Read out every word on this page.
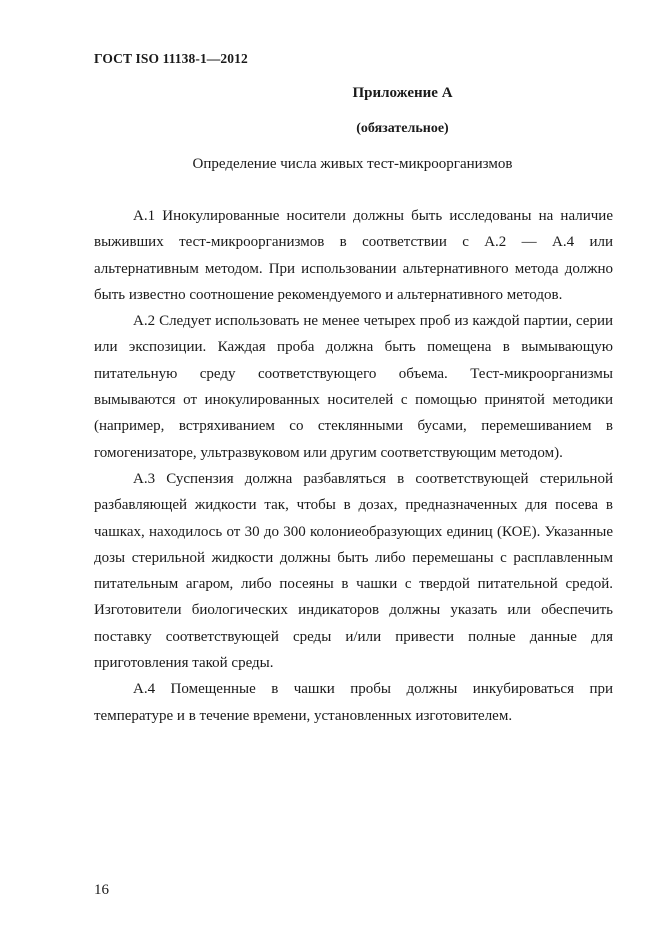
ГОСТ ISO 11138-1—2012
Приложение А
(обязательное)
Определение числа живых тест-микроорганизмов

А.1 Инокулированные носители должны быть исследованы на наличие выживших тест-микроорганизмов в соответствии с А.2 — А.4 или альтернативным методом. При использовании альтернативного метода должно быть известно соотношение рекомендуемого и альтернативного методов.

А.2 Следует использовать не менее четырех проб из каждой партии, серии или экспозиции. Каждая проба должна быть помещена в вымывающую питательную среду соответствующего объема. Тест-микроорганизмы вымываются от инокулированных носителей с помощью принятой методики (например, встряхиванием со стеклянными бусами, перемешиванием в гомогенизаторе, ультразвуковом или другим соответствующим методом).

А.3 Суспензия должна разбавляться в соответствующей стерильной разбавляющей жидкости так, чтобы в дозах, предназначенных для посева в чашках, находилось от 30 до 300 колониеобразующих единиц (КОЕ). Указанные дозы стерильной жидкости должны быть либо перемешаны с расплавленным питательным агаром, либо посеяны в чашки с твердой питательной средой. Изготовители биологических индикаторов должны указать или обеспечить поставку соответствующей среды и/или привести полные данные для приготовления такой среды.

А.4 Помещенные в чашки пробы должны инкубироваться при температуре и в течение времени, установленных изготовителем.

16
